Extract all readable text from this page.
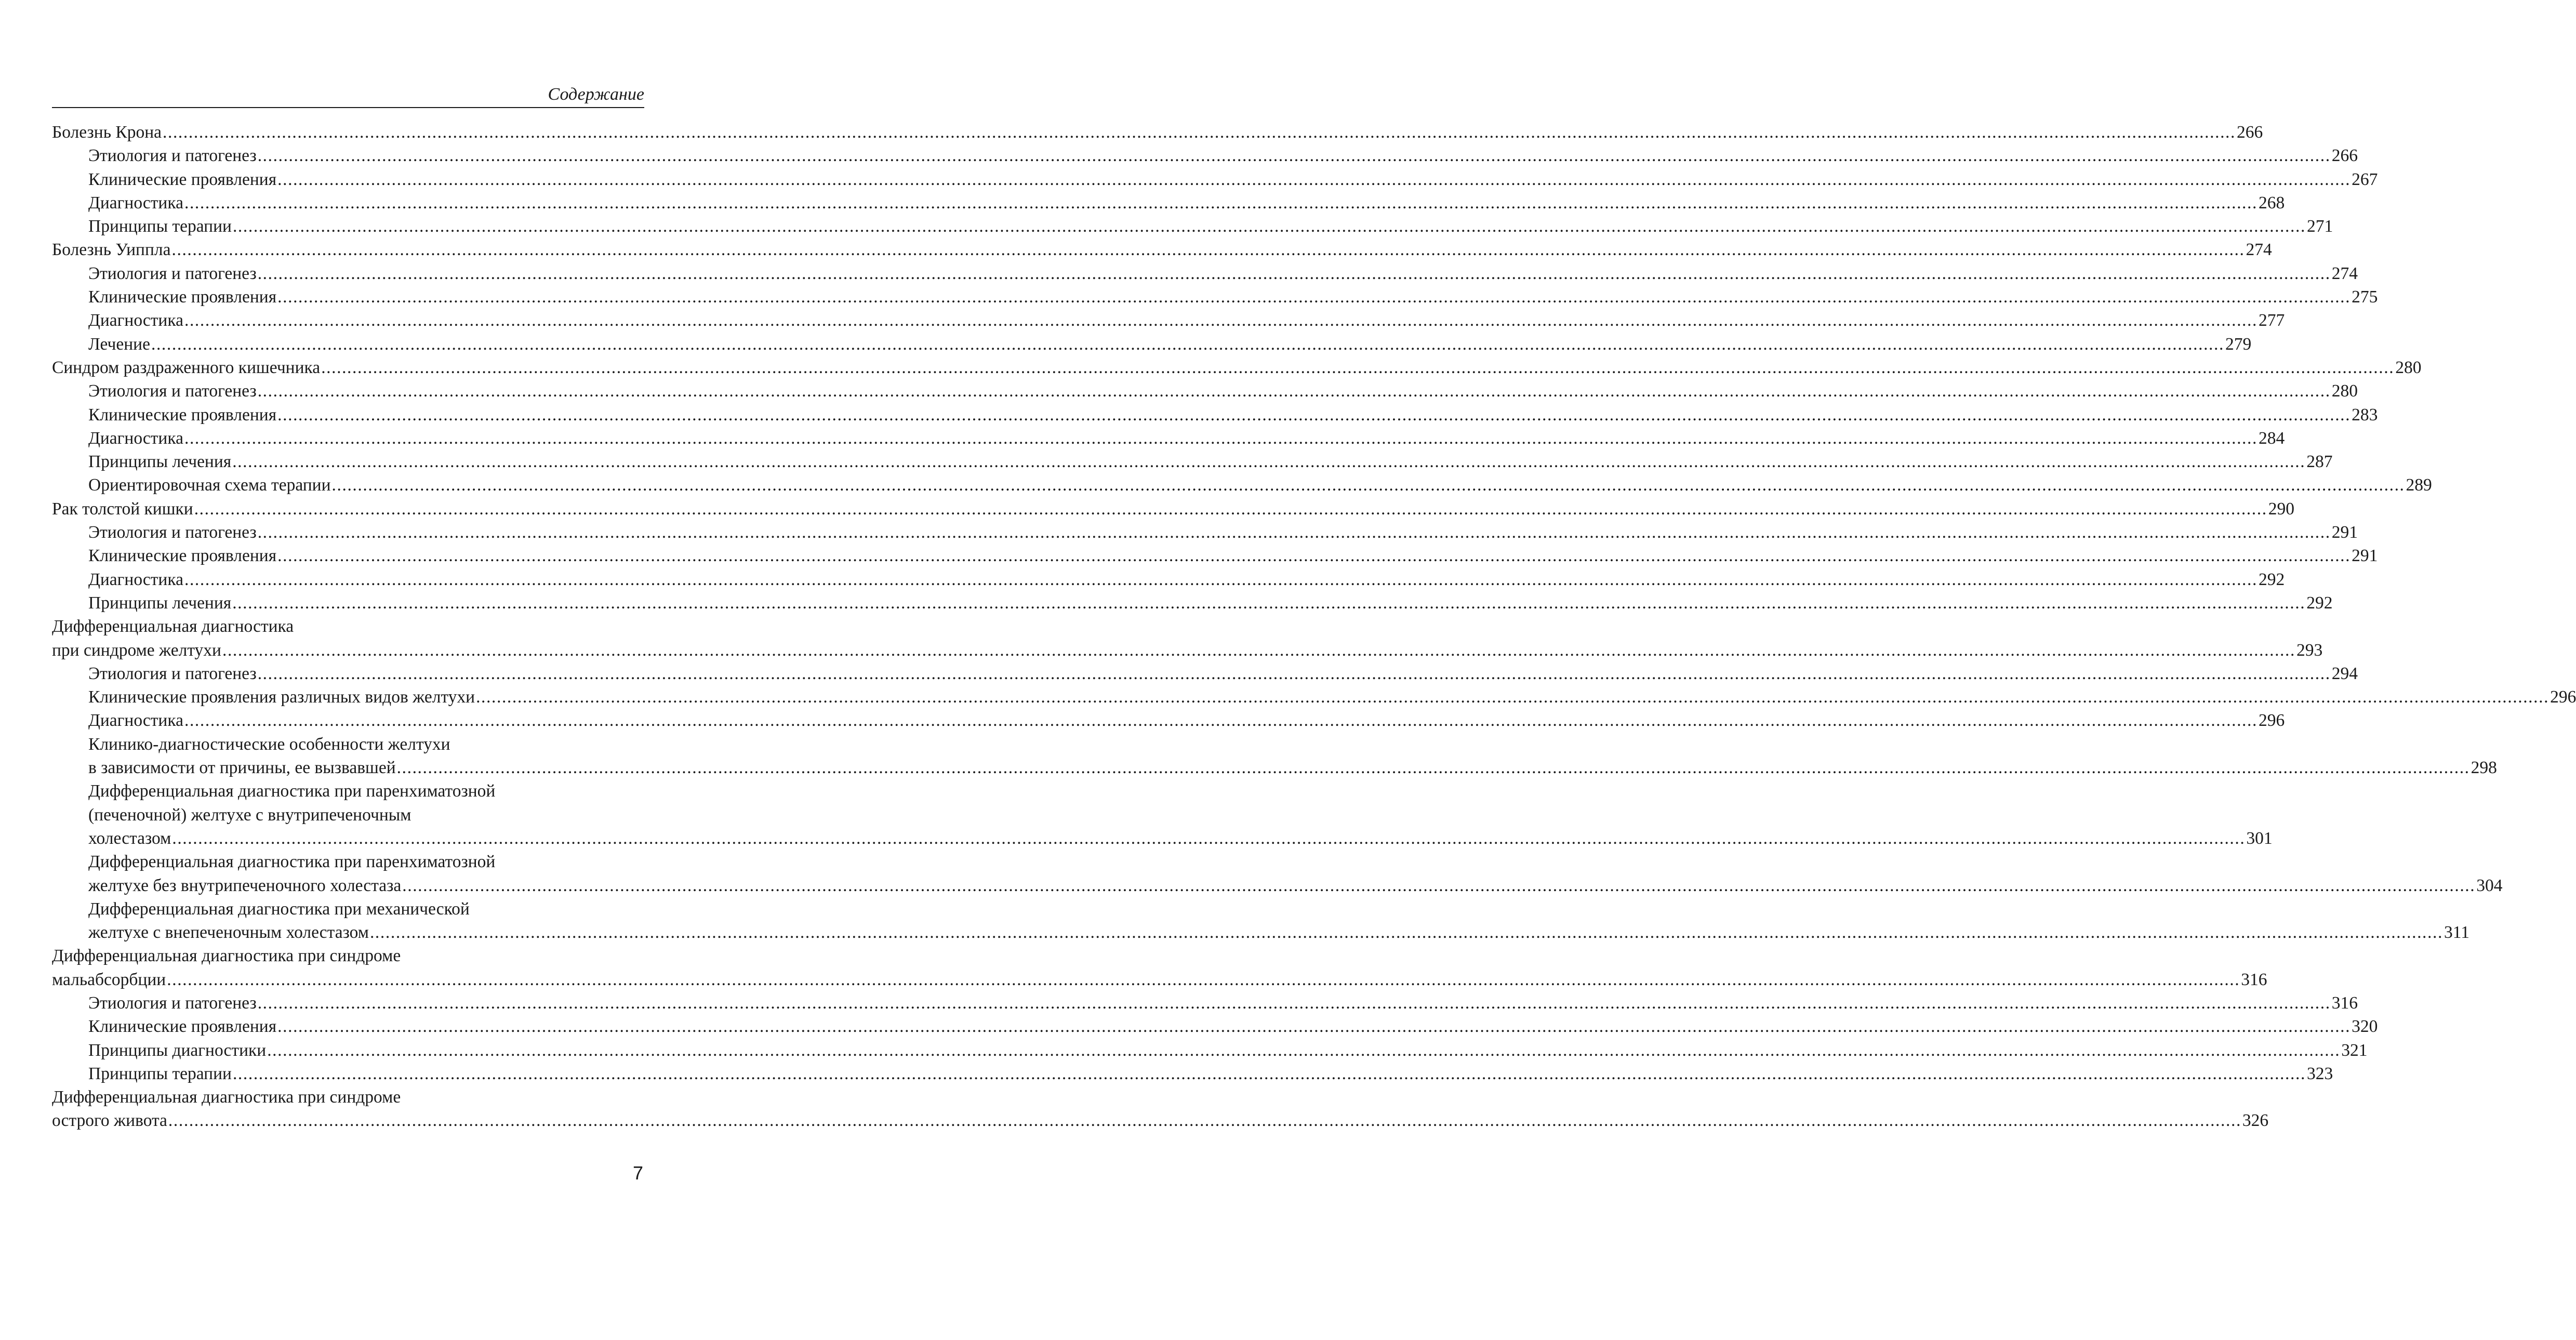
Содержание
Болезнь Крона ................................................................................................................................................................................................................................................................................................................................................................................................................ 266
Этиология и патогенез ................................................................................................................................................................................................................................................................................................................................................................................................................ 266
Клинические проявления ................................................................................................................................................................................................................................................................................................................................................................................................................ 267
Диагностика ................................................................................................................................................................................................................................................................................................................................................................................................................ 268
Принципы терапии ................................................................................................................................................................................................................................................................................................................................................................................................................ 271
Болезнь Уиппла ................................................................................................................................................................................................................................................................................................................................................................................................................ 274
Этиология и патогенез ................................................................................................................................................................................................................................................................................................................................................................................................................ 274
Клинические проявления ................................................................................................................................................................................................................................................................................................................................................................................................................ 275
Диагностика ................................................................................................................................................................................................................................................................................................................................................................................................................ 277
Лечение ................................................................................................................................................................................................................................................................................................................................................................................................................ 279
Синдром раздраженного кишечника ................................................................................................................................................................................................................................................................................................................................................................................................................ 280
Этиология и патогенез ................................................................................................................................................................................................................................................................................................................................................................................................................ 280
Клинические проявления ................................................................................................................................................................................................................................................................................................................................................................................................................ 283
Диагностика ................................................................................................................................................................................................................................................................................................................................................................................................................ 284
Принципы лечения ................................................................................................................................................................................................................................................................................................................................................................................................................ 287
Ориентировочная схема терапии ................................................................................................................................................................................................................................................................................................................................................................................................................ 289
Рак толстой кишки ................................................................................................................................................................................................................................................................................................................................................................................................................ 290
Этиология и патогенез ................................................................................................................................................................................................................................................................................................................................................................................................................ 291
Клинические проявления ................................................................................................................................................................................................................................................................................................................................................................................................................ 291
Диагностика ................................................................................................................................................................................................................................................................................................................................................................................................................ 292
Принципы лечения ................................................................................................................................................................................................................................................................................................................................................................................................................ 292
Дифференциальная диагностика
при синдроме желтухи ................................................................................................................................................................................................................................................................................................................................................................................................................ 293
Этиология и патогенез ................................................................................................................................................................................................................................................................................................................................................................................................................ 294
Клинические проявления различных видов желтухи ................................................................................................................................................................................................................................................................................................................................................................................................................ 296
Диагностика ................................................................................................................................................................................................................................................................................................................................................................................................................ 296
Клинико-диагностические особенности желтухи
в зависимости от причины, ее вызвавшей ................................................................................................................................................................................................................................................................................................................................................................................................................ 298
Дифференциальная диагностика при паренхиматозной
(печеночной) желтухе с внутрипеченочным
холестазом ................................................................................................................................................................................................................................................................................................................................................................................................................ 301
Дифференциальная диагностика при паренхиматозной
желтухе без внутрипеченочного холестаза ................................................................................................................................................................................................................................................................................................................................................................................................................ 304
Дифференциальная диагностика при механической
желтухе с внепеченочным холестазом ................................................................................................................................................................................................................................................................................................................................................................................................................ 311
Дифференциальная диагностика при синдроме
мальабсорбции ................................................................................................................................................................................................................................................................................................................................................................................................................ 316
Этиология и патогенез ................................................................................................................................................................................................................................................................................................................................................................................................................ 316
Клинические проявления ................................................................................................................................................................................................................................................................................................................................................................................................................ 320
Принципы диагностики ................................................................................................................................................................................................................................................................................................................................................................................................................ 321
Принципы терапии ................................................................................................................................................................................................................................................................................................................................................................................................................ 323
Дифференциальная диагностика при синдроме
острого живота ................................................................................................................................................................................................................................................................................................................................................................................................................ 326
7
